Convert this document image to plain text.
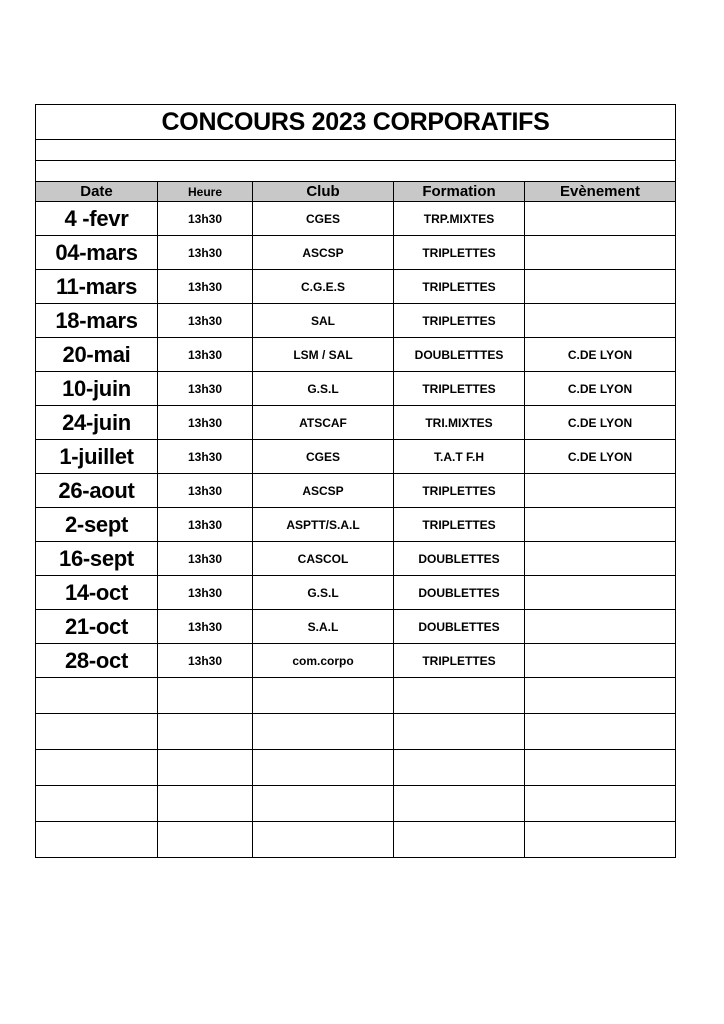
CONCOURS 2023 CORPORATIFS				

Date	Heure	Club	Formation	Evènement
4 -fevr	13h30	CGES	TRP.MIXTES	
04-mars	13h30	ASCSP	TRIPLETTES	
11-mars	13h30	C.G.E.S	TRIPLETTES	
18-mars	13h30	SAL	TRIPLETTES	
20-mai	13h30	LSM / SAL	DOUBLETTTES	C.DE LYON
10-juin	13h30	G.S.L	TRIPLETTES	C.DE LYON
24-juin	13h30	ATSCAF	TRI.MIXTES	C.DE LYON
1-juillet	13h30	CGES	T.A.T F.H	C.DE LYON
26-aout	13h30	ASCSP	TRIPLETTES	
2-sept	13h30	ASPTT/S.A.L	TRIPLETTES	
16-sept	13h30	CASCOL	DOUBLETTES	
14-oct	13h30	G.S.L	DOUBLETTES	
21-oct	13h30	S.A.L	DOUBLETTES	
28-oct	13h30	com.corpo	TRIPLETTES	
